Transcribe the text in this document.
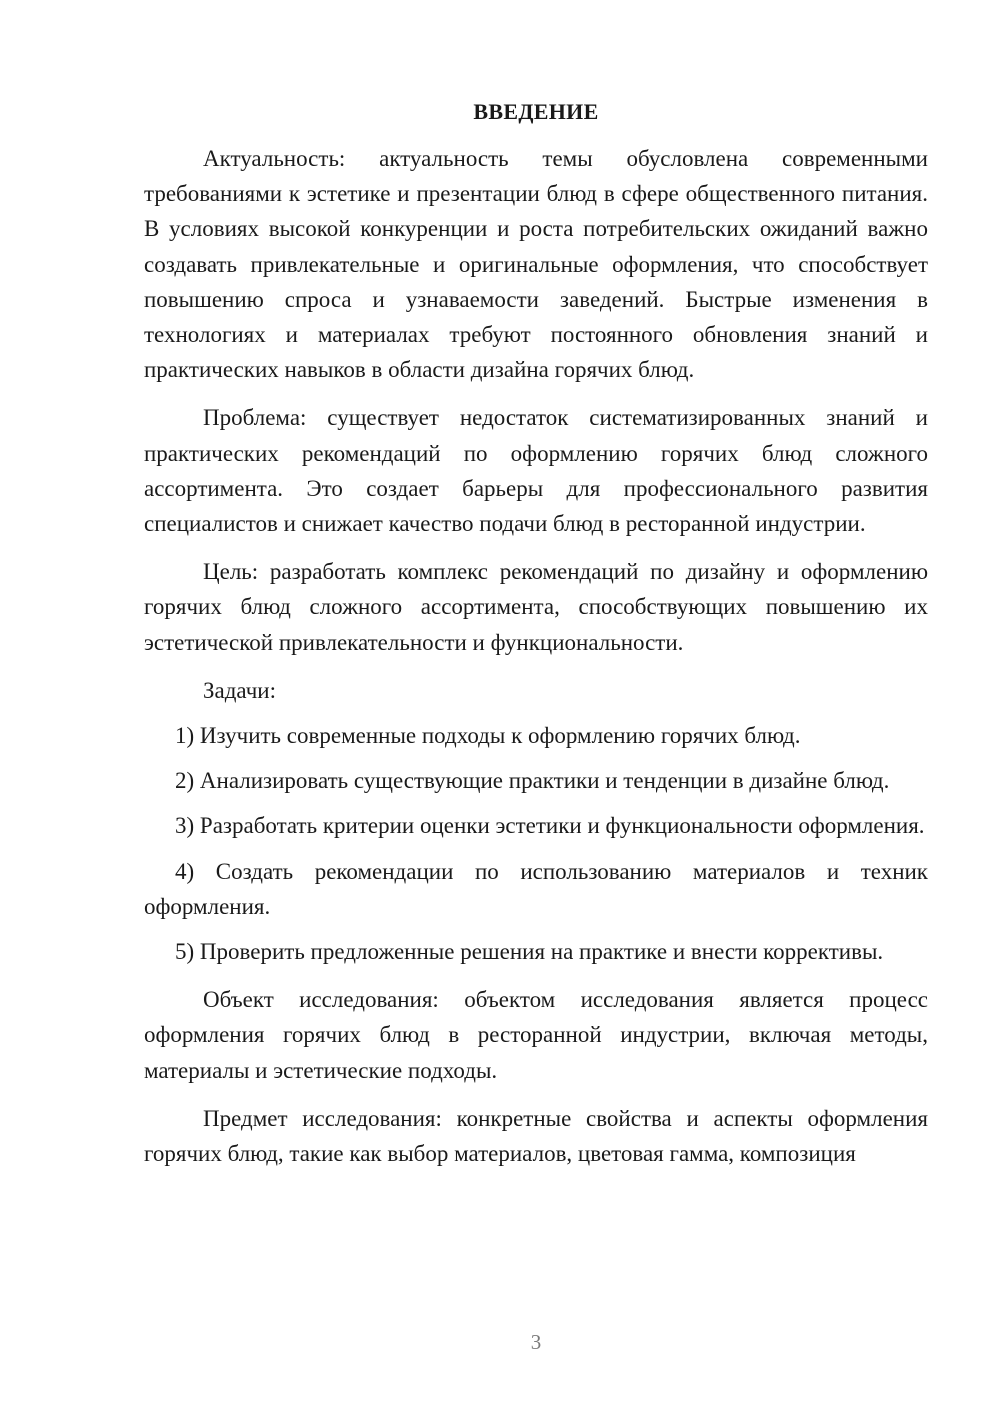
ВВЕДЕНИЕ

Актуальность: актуальность темы обусловлена современными требованиями к эстетике и презентации блюд в сфере общественного питания. В условиях высокой конкуренции и роста потребительских ожиданий важно создавать привлекательные и оригинальные оформления, что способствует повышению спроса и узнаваемости заведений. Быстрые изменения в технологиях и материалах требуют постоянного обновления знаний и практических навыков в области дизайна горячих блюд.

Проблема: существует недостаток систематизированных знаний и практических рекомендаций по оформлению горячих блюд сложного ассортимента. Это создает барьеры для профессионального развития специалистов и снижает качество подачи блюд в ресторанной индустрии.

Цель: разработать комплекс рекомендаций по дизайну и оформлению горячих блюд сложного ассортимента, способствующих повышению их эстетической привлекательности и функциональности.

Задачи:

1) Изучить современные подходы к оформлению горячих блюд.

2) Анализировать существующие практики и тенденции в дизайне блюд.

3) Разработать критерии оценки эстетики и функциональности оформления.

4) Создать рекомендации по использованию материалов и техник оформления.

5) Проверить предложенные решения на практике и внести коррективы.

Объект исследования: объектом исследования является процесс оформления горячих блюд в ресторанной индустрии, включая методы, материалы и эстетические подходы.

Предмет исследования: конкретные свойства и аспекты оформления горячих блюд, такие как выбор материалов, цветовая гамма, композиция

3
